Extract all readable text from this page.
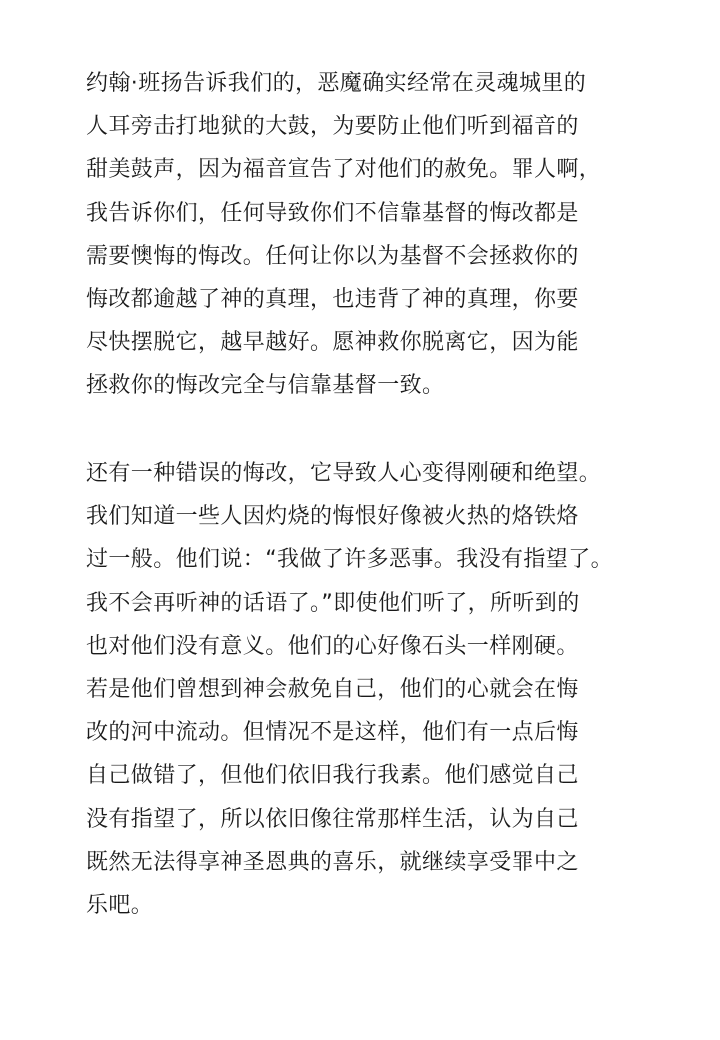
约翰·班扬告诉我们的，恶魔确实经常在灵魂城里的
人耳旁击打地狱的大鼓，为要防止他们听到福音的
甜美鼓声，因为福音宣告了对他们的赦免。罪人啊，
我告诉你们，任何导致你们不信靠基督的悔改都是
需要懊悔的悔改。任何让你以为基督不会拯救你的
悔改都逾越了神的真理，也违背了神的真理，你要
尽快摆脱它，越早越好。愿神救你脱离它，因为能
拯救你的悔改完全与信靠基督一致。
还有一种错误的悔改，它导致人心变得刚硬和绝望。
我们知道一些人因灼烧的悔恨好像被火热的烙铁烙
过一般。他们说：“我做了许多恶事。我没有指望了。
我不会再听神的话语了。”即使他们听了，所听到的
也对他们没有意义。他们的心好像石头一样刚硬。
若是他们曾想到神会赦免自己，他们的心就会在悔
改的河中流动。但情况不是这样，他们有一点后悔
自己做错了，但他们依旧我行我素。他们感觉自己
没有指望了，所以依旧像往常那样生活，认为自己
既然无法得享神圣恩典的喜乐，就继续享受罪中之
乐吧。
